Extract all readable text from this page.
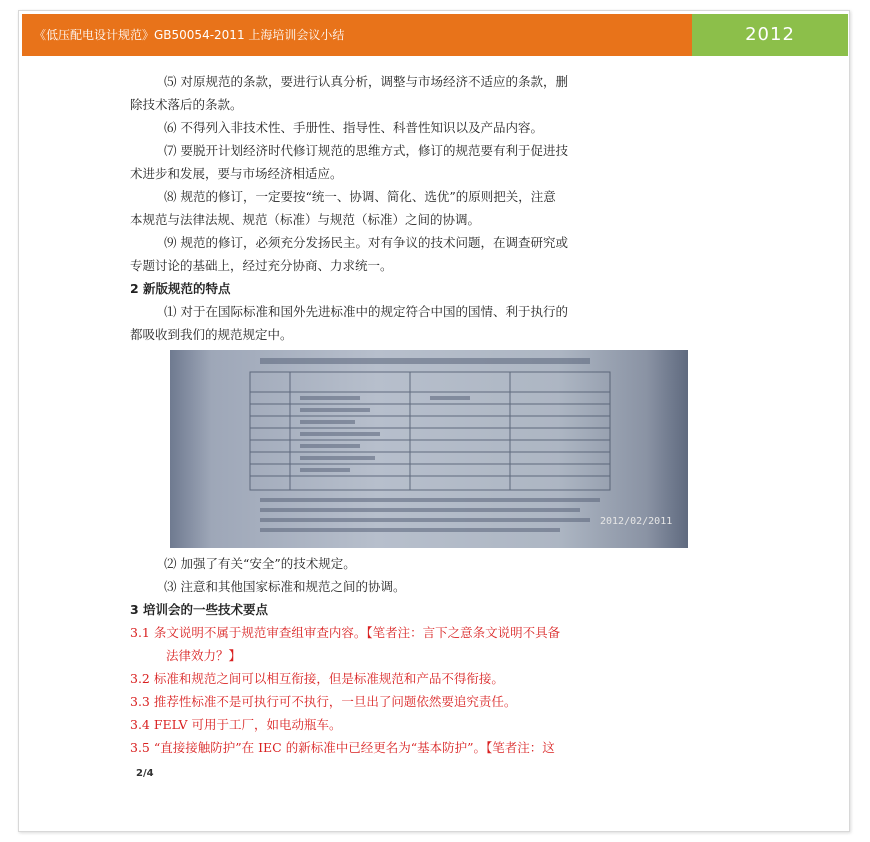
《低压配电设计规范》GB50054-2011 上海培训会议小结	2012

⑸ 对原规范的条款，要进行认真分析，调整与市场经济不适应的条款，删

除技术落后的条款。

⑹ 不得列入非技术性、手册性、指导性、科普性知识以及产品内容。

⑺ 要脱开计划经济时代修订规范的思维方式，修订的规范要有利于促进技

术进步和发展，要与市场经济相适应。

⑻ 规范的修订，一定要按“统一、协调、简化、选优”的原则把关，注意

本规范与法律法规、规范（标准）与规范（标准）之间的协调。

⑼ 规范的修订，必须充分发扬民主。对有争议的技术问题，在调查研究或

专题讨论的基础上，经过充分协商、力求统一。

2 新版规范的特点

⑴ 对于在国际标准和国外先进标准中的规定符合中国的国情、利于执行的

都吸收到我们的规范规定中。

2012/02/2011

⑵ 加强了有关“安全”的技术规定。

⑶ 注意和其他国家标准和规范之间的协调。

3 培训会的一些技术要点

3.1 条文说明不属于规范审查组审查内容。【笔者注：言下之意条文说明不具备

法律效力？】

3.2 标准和规范之间可以相互衔接，但是标准规范和产品不得衔接。

3.3 推荐性标准不是可执行可不执行，一旦出了问题依然要追究责任。

3.4 FELV 可用于工厂，如电动瓶车。

3.5 “直接接触防护”在 IEC 的新标准中已经更名为“基本防护”。【笔者注：这

2/4
